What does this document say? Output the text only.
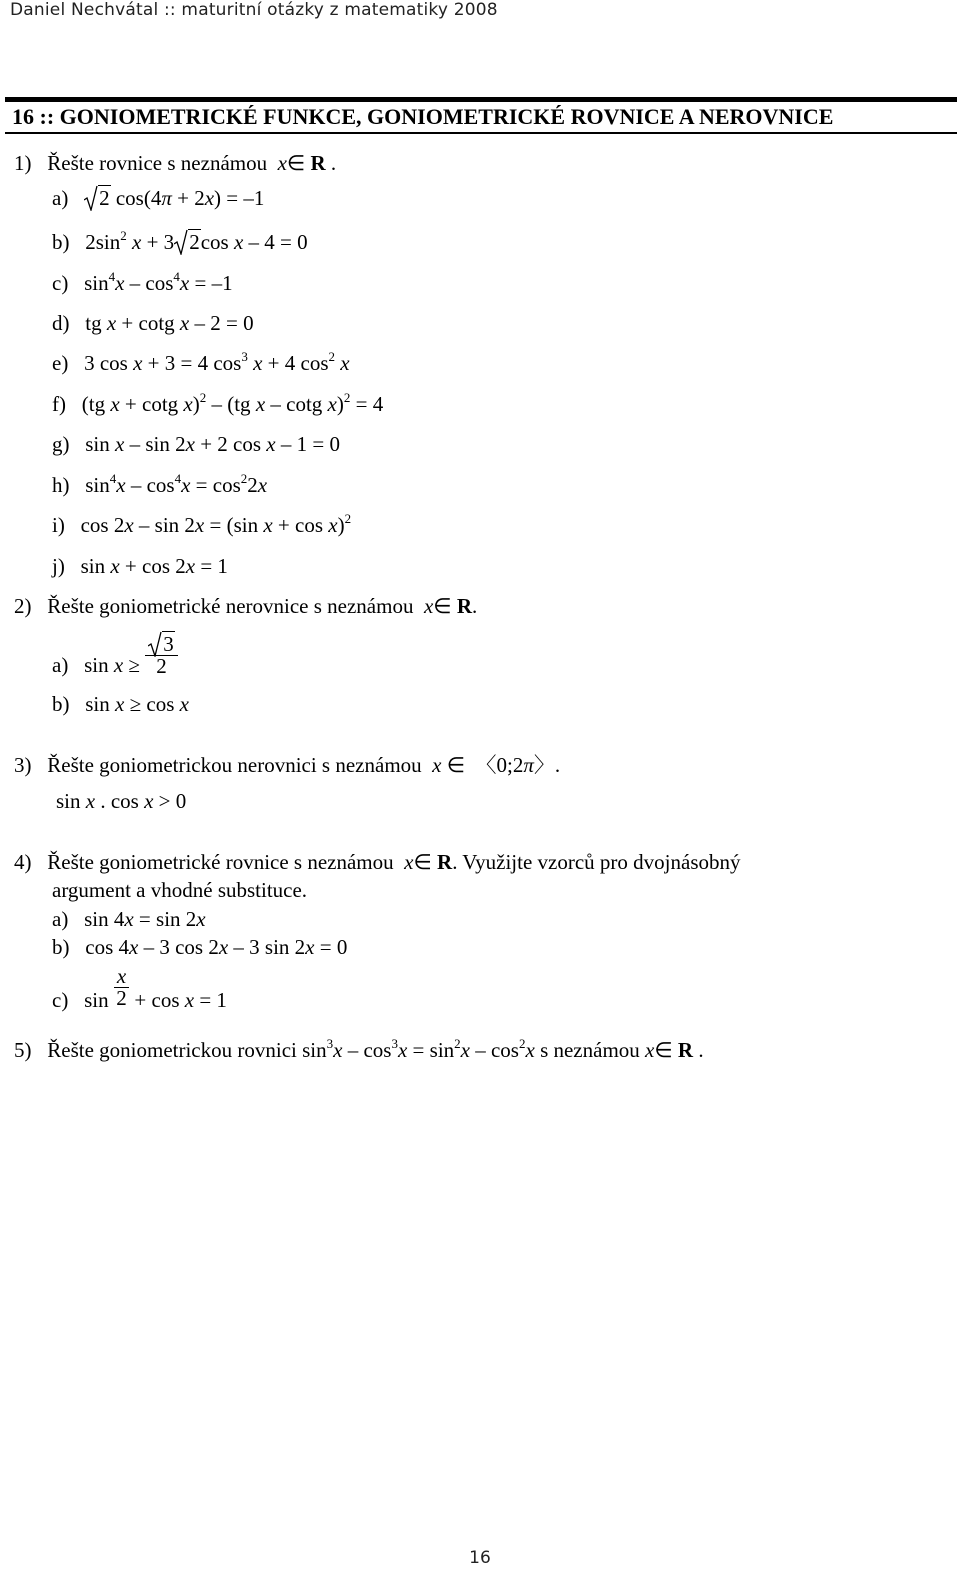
Daniel Nechvátal :: maturitní otázky z matematiky 2008
16 :: GONIOMETRICKÉ FUNKCE, GONIOMETRICKÉ ROVNICE A NEROVNICE
1) Řešte rovnice s neznámou x∈ R .
a) 2 cos(4π + 2x) = –1
b)   $2\sin^2$ x + 3 2cos x – 4 = 0
c)   $\sin^4x - \cos^4x = -1$
d)   tg x + cotg x – 2 = 0
e)   3 cos x + 3 = 4 $\cos^3 x + 4$ $\cos^2 x$
f)   (tg x + cotg x)$^2$ – (tg x – cotg x)$^2$ = 4
g)   sin x – sin 2x + 2 cos x – 1 = 0
h)   $\sin^4x - \cos^4x = \cos^22x$
i)   cos 2x – sin 2x = (sin x + cos x)$^2$
j)   sin x + cos 2x = 1
2) Řešte goniometrické nerovnice s neznámou x∈ R.
a) $\sin x \ge \frac{3}{2}$
b)   sin x ≥ cos x
3) Řešte goniometrickou nerovnici s neznámou x ∈  〈0;2π〉.
sin x . cos x > 0
4) Řešte goniometrické rovnice s neznámou x∈ R. Využijte vzorců pro dvojnásobný
argument a vhodné substituce.
a)   sin 4x = sin 2x
b)   cos 4x – 3 cos 2x – 3 sin 2x = 0
c) $\sin \frac{x}{2} + \cos x = 1$
5) Řešte goniometrickou rovnici $\sin^3x - \cos^3x = \sin^2x - \cos^2x$ s neznámou x∈ R .
16
